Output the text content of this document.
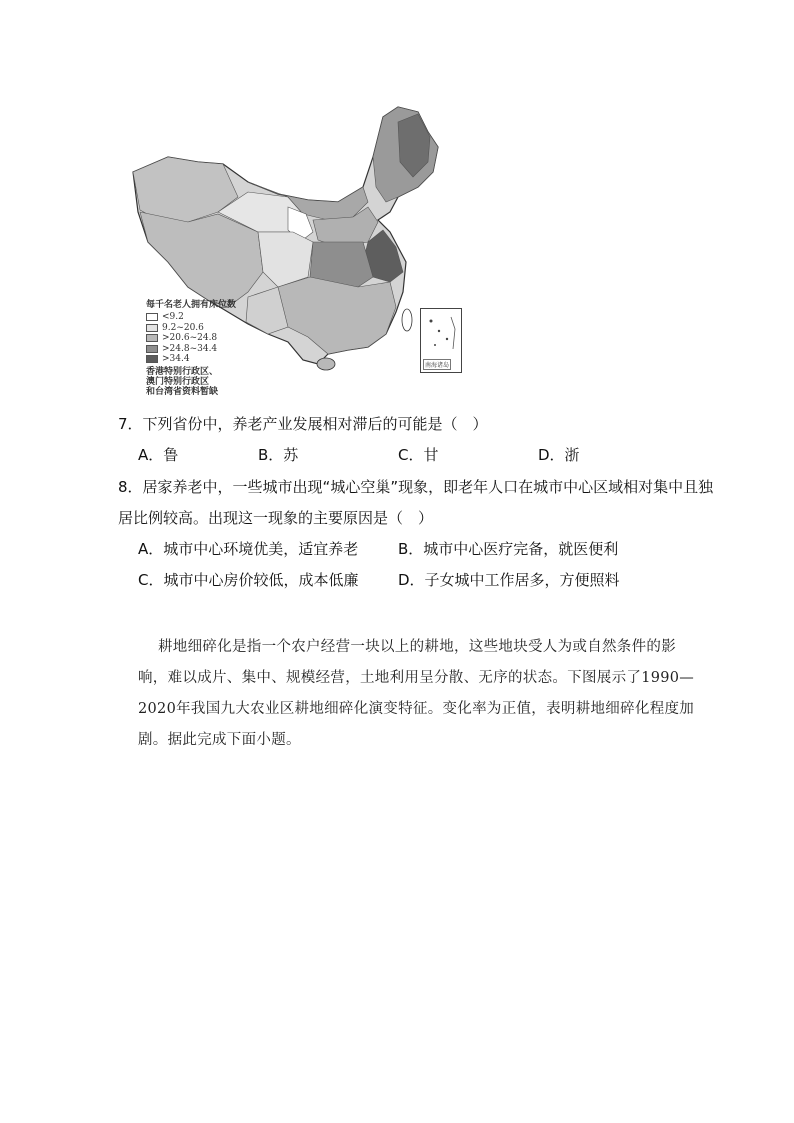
南海诸岛
每千名老人拥有床位数
<9.2
9.2~20.6
>20.6~24.8
>24.8~34.4
>34.4
香港特别行政区、
澳门特别行政区
和台湾省资料暂缺
7．下列省份中，养老产业发展相对滞后的可能是（　）
A．鲁	B．苏	C．甘	D．浙
8．居家养老中，一些城市出现“城心空巢”现象，即老年人口在城市中心区域相对集中且独
居比例较高。出现这一现象的主要原因是（　）
A．城市中心环境优美，适宜养老	B．城市中心医疗完备，就医便利
C．城市中心房价较低，成本低廉	D．子女城中工作居多，方便照料
耕地细碎化是指一个农户经营一块以上的耕地，这些地块受人为或自然条件的影响，难以成片、集中、规模经营，土地利用呈分散、无序的状态。下图展示了1990—2020年我国九大农业区耕地细碎化演变特征。变化率为正值，表明耕地细碎化程度加剧。据此完成下面小题。
